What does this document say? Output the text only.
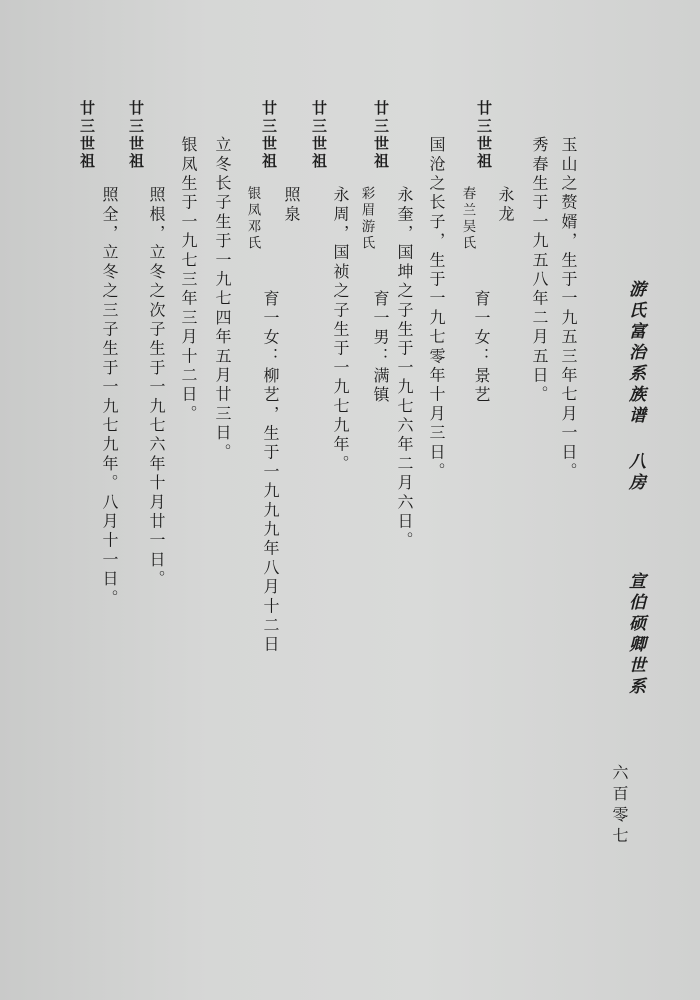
游氏富治系族谱
八房
宣伯硕卿世系
六百零七
玉山之赘婿，生于一九五三年七月一日。
秀春生于一九五八年二月五日。
廿三世祖
永龙
春兰吴氏
育一女：景艺
国沧之长子，生于一九七零年十月三日。
廿三世祖
永奎，国坤之子生于一九七六年二月六日。
彩眉游氏
育一男：满镇
廿三世祖
永周，国祯之子生于一九七九年。
廿三世祖
照泉
银凤邓氏
育一女：柳艺，生于一九九九年八月十二日
立冬长子生于一九七四年五月廿三日。
廿三世祖
银凤生于一九七三年三月十二日。
照根，立冬之次子生于一九七六年十月廿一日。
廿三世祖
照全，立冬之三子生于一九七九年。八月十一日。
